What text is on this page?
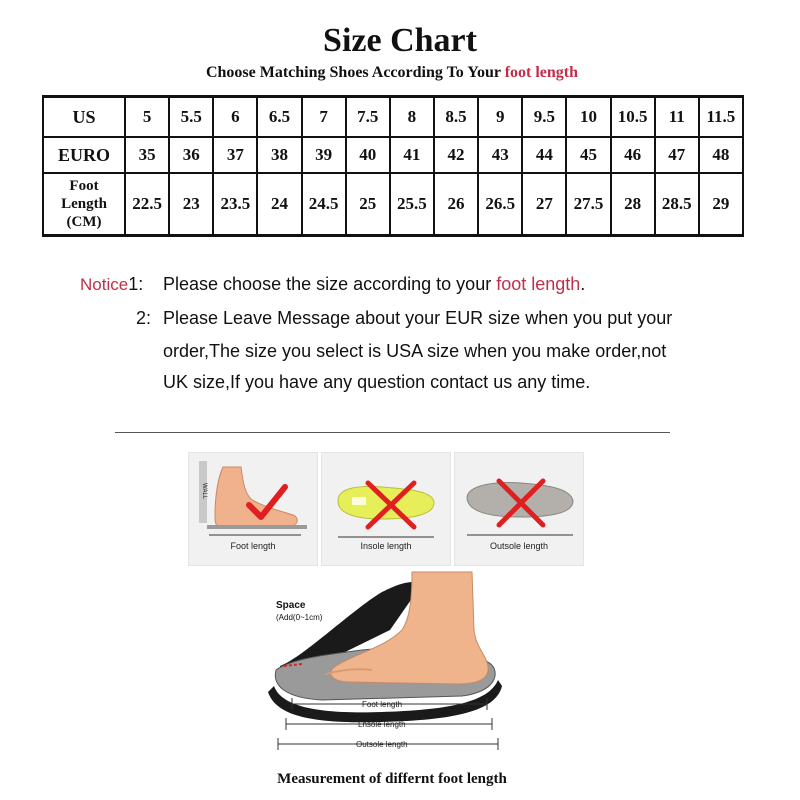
Size Chart
Choose Matching Shoes According To Your foot length
US	5	5.5	6	6.5	7	7.5	8	8.5	9	9.5	10	10.5	11	11.5
EURO	35	36	37	38	39	40	41	42	43	44	45	46	47	48
Foot
Length
(CM)	22.5	23	23.5	24	24.5	25	25.5	26	26.5	27	27.5	28	28.5	29
Notice1: Please choose the size according to your foot length.
2: Please Leave Message about your EUR size when you put your
order,The size you select is USA size when you make order,not
UK size,If you have any question contact us any time.
WALL
Foot length	Insole length	Outsole length
Space
(Add(0~1cm)
Foot length
Lnsole length
Outsole length
Measurement of differnt foot length
